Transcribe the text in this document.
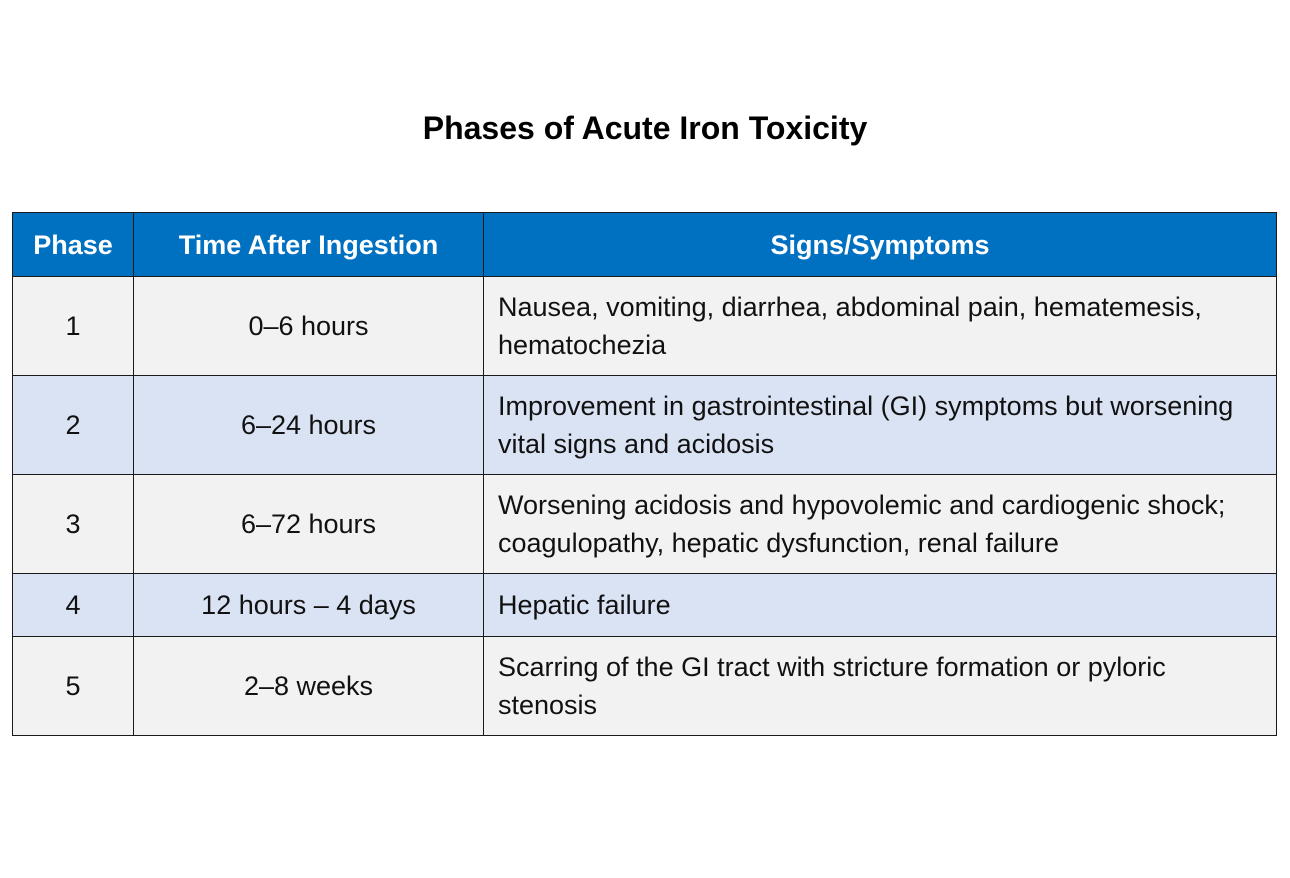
Phases of Acute Iron Toxicity
Phase	Time After Ingestion	Signs/Symptoms
1	0–6 hours	Nausea, vomiting, diarrhea, abdominal pain, hematemesis, hematochezia
2	6–24 hours	Improvement in gastrointestinal (GI) symptoms but worsening vital signs and acidosis
3	6–72 hours	Worsening acidosis and hypovolemic and cardiogenic shock; coagulopathy, hepatic dysfunction, renal failure
4	12 hours – 4 days	Hepatic failure
5	2–8 weeks	Scarring of the GI tract with stricture formation or pyloric stenosis
